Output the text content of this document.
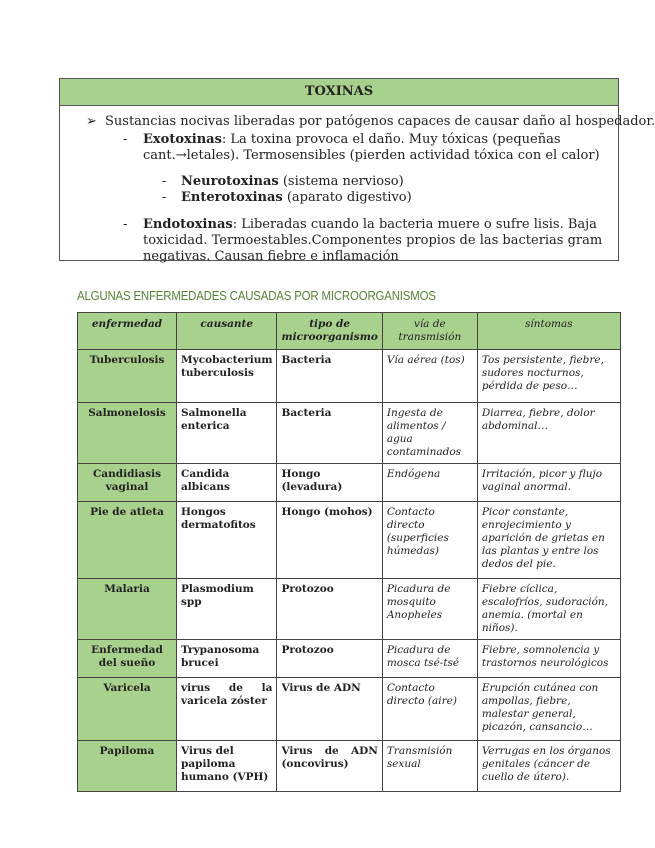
TOXINAS
➢ Sustancias nocivas liberadas por patógenos capaces de causar daño al hospedador.
- Exotoxinas: La toxina provoca el daño. Muy tóxicas (pequeñas
cant.→letales). Termosensibles (pierden actividad tóxica con el calor)
- Neurotoxinas (sistema nervioso)
- Enterotoxinas (aparato digestivo)
- Endotoxinas: Liberadas cuando la bacteria muere o sufre lisis. Baja
toxicidad. Termoestables.Componentes propios de las bacterias gram
negativas. Causan fiebre e inflamación
ALGUNAS ENFERMEDADES CAUSADAS POR MICROORGANISMOS
enfermedad	causante	tipo de microorganismo	vía de transmisión	síntomas
Tuberculosis	Mycobacterium tuberculosis	Bacteria	Vía aérea (tos)	Tos persistente, fiebre, sudores nocturnos, pérdida de peso…
Salmonelosis	Salmonella enterica	Bacteria	Ingesta de alimentos / agua contaminados	Diarrea, fiebre, dolor abdominal…
Candidiasis vaginal	Candida albicans	Hongo (levadura)	Endógena	Irritación, picor y flujo vaginal anormal.
Pie de atleta	Hongos dermatofitos	Hongo (mohos)	Contacto directo (superficies húmedas)	Picor constante, enrojecimiento y aparición de grietas en las plantas y entre los dedos del pie.
Malaria	Plasmodium spp	Protozoo	Picadura de mosquito Anopheles	Fiebre cíclica, escalofríos, sudoración, anemia. (mortal en niños).
Enfermedad del sueño	Trypanosoma brucei	Protozoo	Picadura de mosca tsé-tsé	Fiebre, somnolencia y trastornos neurológicos
Varicela	virus de la varicela zóster	Virus de ADN	Contacto directo (aire)	Erupción cutánea con ampollas, fiebre, malestar general, picazón, cansancio…
Papiloma	Virus del papiloma humano (VPH)	Virus de ADN (oncovirus)	Transmisión sexual	Verrugas en los órganos genitales (cáncer de cuello de útero).
